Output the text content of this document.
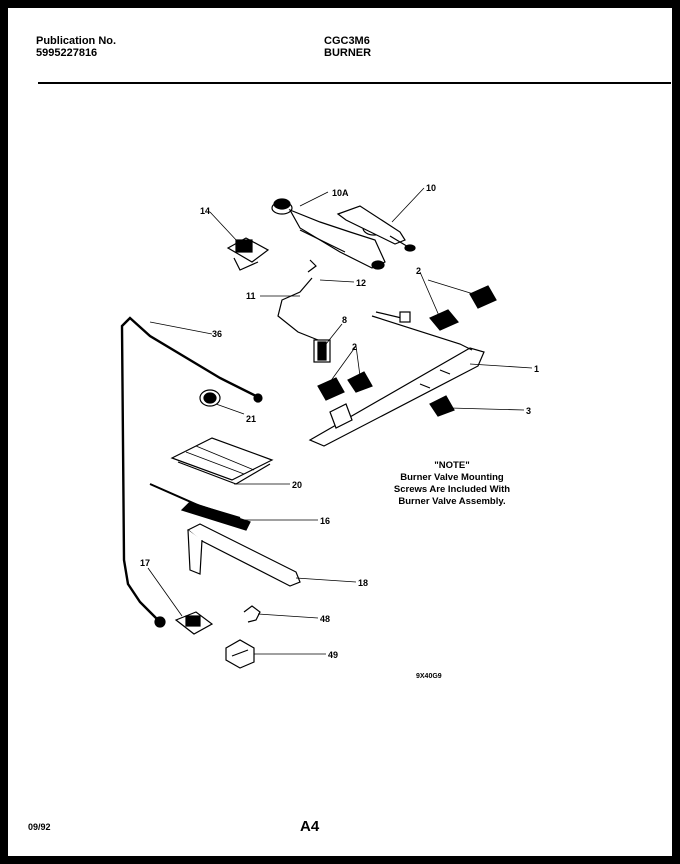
Publication No.
5995227816
CGC3M6
BURNER
10A	10
14
2
12
11
8
36
2
1
3
21
20
16
18
17
48
49
9X40G9
"NOTE"
Burner Valve Mounting
Screws Are Included With
Burner Valve Assembly.
09/92	A4
